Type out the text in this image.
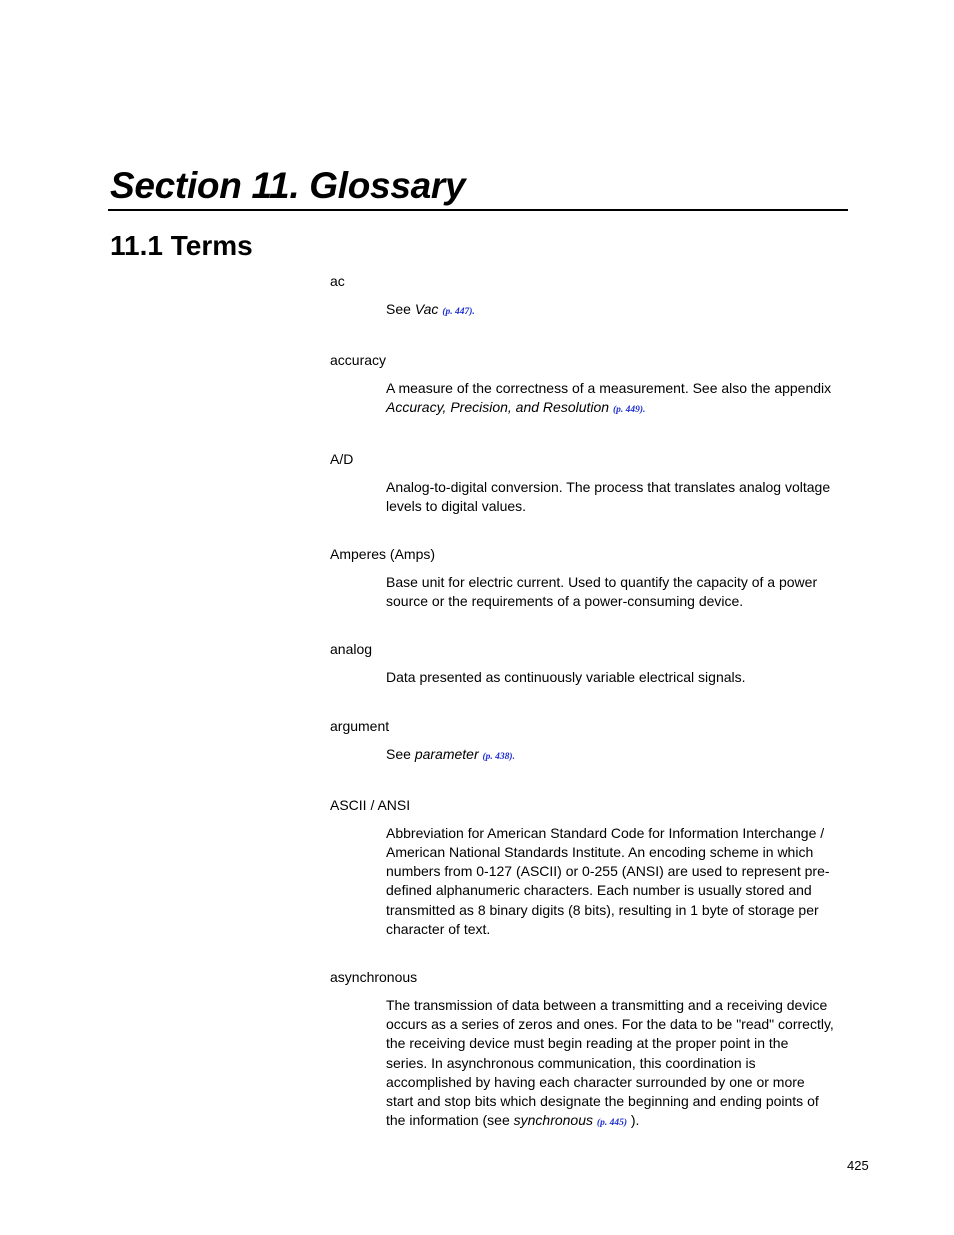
Section 11. Glossary
11.1 Terms
ac
See Vac (p. 447).
accuracy
A measure of the correctness of a measurement. See also the appendix
Accuracy, Precision, and Resolution (p. 449).
A/D
Analog-to-digital conversion. The process that translates analog voltage
levels to digital values.
Amperes (Amps)
Base unit for electric current. Used to quantify the capacity of a power
source or the requirements of a power-consuming device.
analog
Data presented as continuously variable electrical signals.
argument
See parameter (p. 438).
ASCII / ANSI
Abbreviation for American Standard Code for Information Interchange /
American National Standards Institute. An encoding scheme in which
numbers from 0-127 (ASCII) or 0-255 (ANSI) are used to represent pre-
defined alphanumeric characters. Each number is usually stored and
transmitted as 8 binary digits (8 bits), resulting in 1 byte of storage per
character of text.
asynchronous
The transmission of data between a transmitting and a receiving device
occurs as a series of zeros and ones. For the data to be "read" correctly,
the receiving device must begin reading at the proper point in the
series. In asynchronous communication, this coordination is
accomplished by having each character surrounded by one or more
start and stop bits which designate the beginning and ending points of
the information (see synchronous (p. 445) ).
425
